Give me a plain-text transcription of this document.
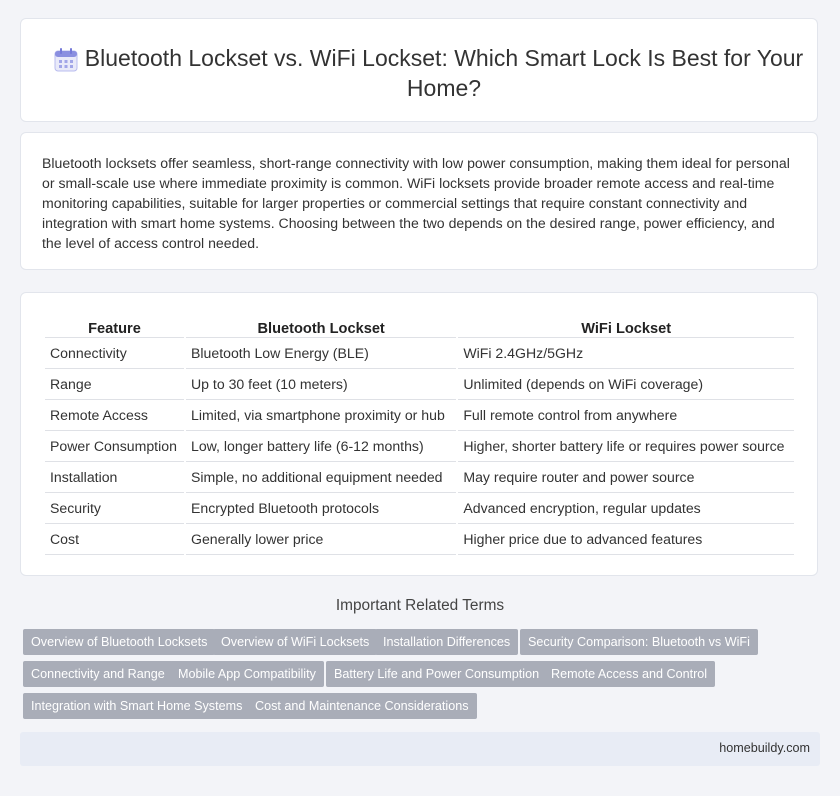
Bluetooth Lockset vs. WiFi Lockset: Which Smart Lock Is Best for Your Home?

Bluetooth locksets offer seamless, short-range connectivity with low power consumption, making them ideal for personal or small-scale use where immediate proximity is common. WiFi locksets provide broader remote access and real-time monitoring capabilities, suitable for larger properties or commercial settings that require constant connectivity and integration with smart home systems. Choosing between the two depends on the desired range, power efficiency, and the level of access control needed.

Feature	Bluetooth Lockset	WiFi Lockset
Connectivity	Bluetooth Low Energy (BLE)	WiFi 2.4GHz/5GHz
Range	Up to 30 feet (10 meters)	Unlimited (depends on WiFi coverage)
Remote Access	Limited, via smartphone proximity or hub	Full remote control from anywhere
Power Consumption	Low, longer battery life (6-12 months)	Higher, shorter battery life or requires power source
Installation	Simple, no additional equipment needed	May require router and power source
Security	Encrypted Bluetooth protocols	Advanced encryption, regular updates
Cost	Generally lower price	Higher price due to advanced features
Important Related Terms
Overview of Bluetooth Locksets	Overview of WiFi Locksets	Installation Differences	Security Comparison: Bluetooth vs WiFi
Connectivity and Range	Mobile App Compatibility	Battery Life and Power Consumption Remote Access and Control
Integration with Smart Home Systems	Cost and Maintenance Considerations
homebuildy.com
